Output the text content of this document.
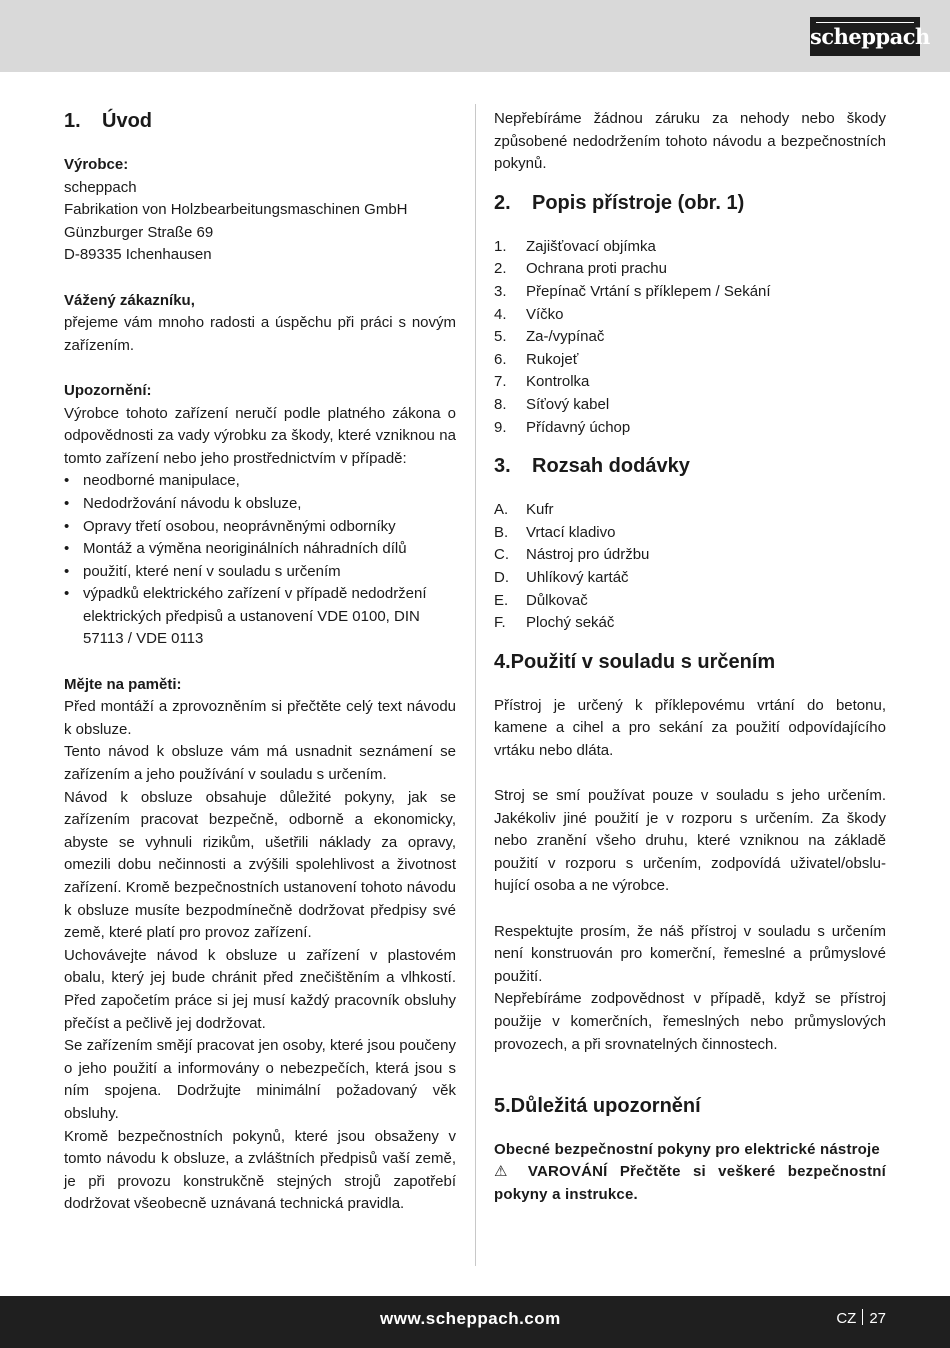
scheppach
1. Úvod
Výrobce:
scheppach
Fabrikation von Holzbearbeitungsmaschinen GmbH
Günzburger Straße 69
D-89335 Ichenhausen
Vážený zákazníku,
přejeme vám mnoho radosti a úspěchu při práci s novým zařízením.
Upozornění:
Výrobce tohoto zařízení neručí podle platného zákona o odpovědnosti za vady výrobku za škody, které vzniknou na tomto zařízení nebo jeho prostřednictvím v případě:
• neodborné manipulace,
• Nedodržování návodu k obsluze,
• Opravy třetí osobou, neoprávněnými odborníky
• Montáž a výměna neoriginálních náhradních dílů
• použití, které není v souladu s určením
• výpadků elektrického zařízení v případě nedodržení elektrických předpisů a ustanovení VDE 0100, DIN 57113 / VDE 0113
Mějte na paměti:
Před montáží a zprovozněním si přečtěte celý text návodu k obsluze.
Tento návod k obsluze vám má usnadnit seznámení se zařízením a jeho používání v souladu s určením.
Návod k obsluze obsahuje důležité pokyny, jak se zařízením pracovat bezpečně, odborně a ekonomicky, abyste se vyhnuli rizikům, ušetřili náklady za opravy, omezili dobu nečinnosti a zvýšili spolehlivost a životnost zařízení. Kromě bezpečnostních ustanovení tohoto návodu k obsluze musíte bezpodmínečně dodržovat předpisy své země, které platí pro provoz zařízení.
Uchovávejte návod k obsluze u zařízení v plastovém obalu, který jej bude chránit před znečištěním a vlhkostí. Před započetím práce si jej musí každý pracovník obsluhy přečíst a pečlivě jej dodržovat.
Se zařízením smějí pracovat jen osoby, které jsou poučeny o jeho použití a informovány o nebezpečích, která jsou s ním spojena. Dodržujte minimální požadovaný věk obsluhy.
Kromě bezpečnostních pokynů, které jsou obsaženy v tomto návodu k obsluze, a zvláštních předpisů vaší země, je při provozu konstrukčně stejných strojů zapotřebí dodržovat všeobecně uznávaná technická pravidla.
Nepřebíráme žádnou záruku za nehody nebo škody způsobené nedodržením tohoto návodu a bezpečnostních pokynů.
2. Popis přístroje (obr. 1)
1. Zajišťovací objímka
2. Ochrana proti prachu
3. Přepínač Vrtání s příklepem / Sekání
4. Víčko
5. Za-/vypínač
6. Rukojeť
7. Kontrolka
8. Síťový kabel
9. Přídavný úchop
3. Rozsah dodávky
A. Kufr
B. Vrtací kladivo
C. Nástroj pro údržbu
D. Uhlíkový kartáč
E. Důlkovač
F. Plochý sekáč
4.Použití v souladu s určením
Přístroj je určený k příklepovému vrtání do betonu, kamene a cihel a pro sekání za použití odpovídajícího vrtáku nebo dláta.
Stroj se smí používat pouze v souladu s jeho určením. Jakékoliv jiné použití je v rozporu s určením. Za škody nebo zranění všeho druhu, které vzniknou na základě použití v rozporu s určením, zodpovídá uživatel/obslu-hující osoba a ne výrobce.
Respektujte prosím, že náš přístroj v souladu s určením není konstruován pro komerční, řemeslné a průmyslové použití.
Nepřebíráme zodpovědnost v případě, když se přístroj použije v komerčních, řemeslných nebo průmyslových provozech, a při srovnatelných činnostech.
5.Důležitá upozornění
Obecné bezpečnostní pokyny pro elektrické nástroje
⚠ VAROVÁNÍ Přečtěte si veškeré bezpečnostní pokyny a instrukce.
www.scheppach.com	CZ 27
